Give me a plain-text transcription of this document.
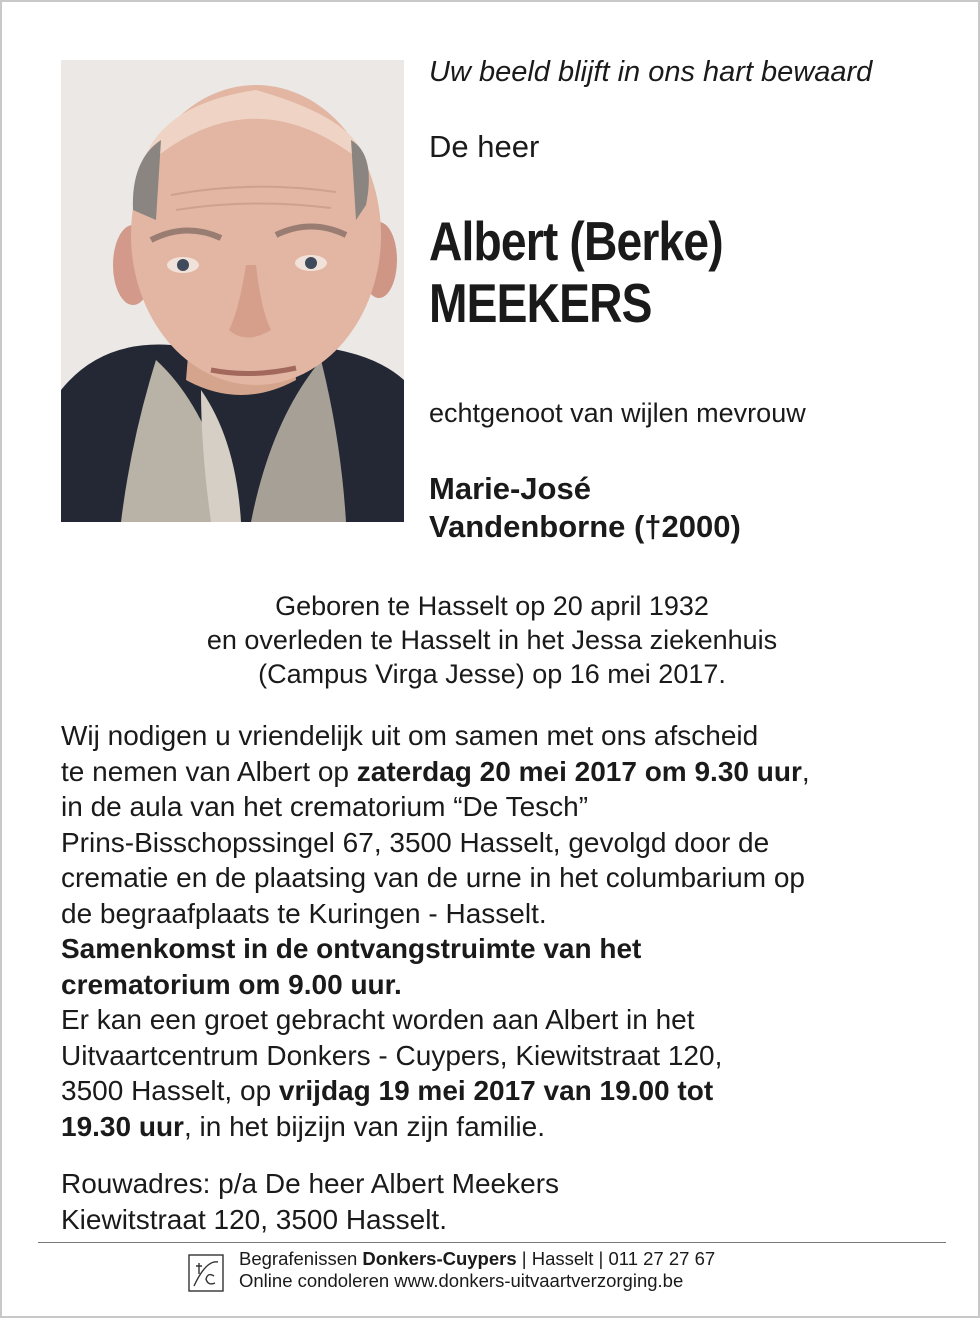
Uw beeld blijft in ons hart bewaard
De heer
Albert (Berke)
MEEKERS
echtgenoot van wijlen mevrouw
Marie-José
Vandenborne (†2000)
Geboren te Hasselt op 20 april 1932
en overleden te Hasselt in het Jessa ziekenhuis
(Campus Virga Jesse) op 16 mei 2017.
Wij nodigen u vriendelijk uit om samen met ons afscheid
te nemen van Albert op zaterdag 20 mei 2017 om 9.30 uur,
in de aula van het crematorium “De Tesch”
Prins-Bisschopssingel 67, 3500 Hasselt, gevolgd door de
crematie en de plaatsing van de urne in het columbarium op
de begraafplaats te Kuringen - Hasselt.
Samenkomst in de ontvangstruimte van het
crematorium om 9.00 uur.
Er kan een groet gebracht worden aan Albert in het
Uitvaartcentrum Donkers - Cuypers, Kiewitstraat 120,
3500 Hasselt, op vrijdag 19 mei 2017 van 19.00 tot
19.30 uur, in het bijzijn van zijn familie.
Rouwadres: p/a De heer Albert Meekers
Kiewitstraat 120, 3500 Hasselt.
Begrafenissen Donkers-Cuypers | Hasselt | 011 27 27 67
Online condoleren www.donkers-uitvaartverzorging.be
